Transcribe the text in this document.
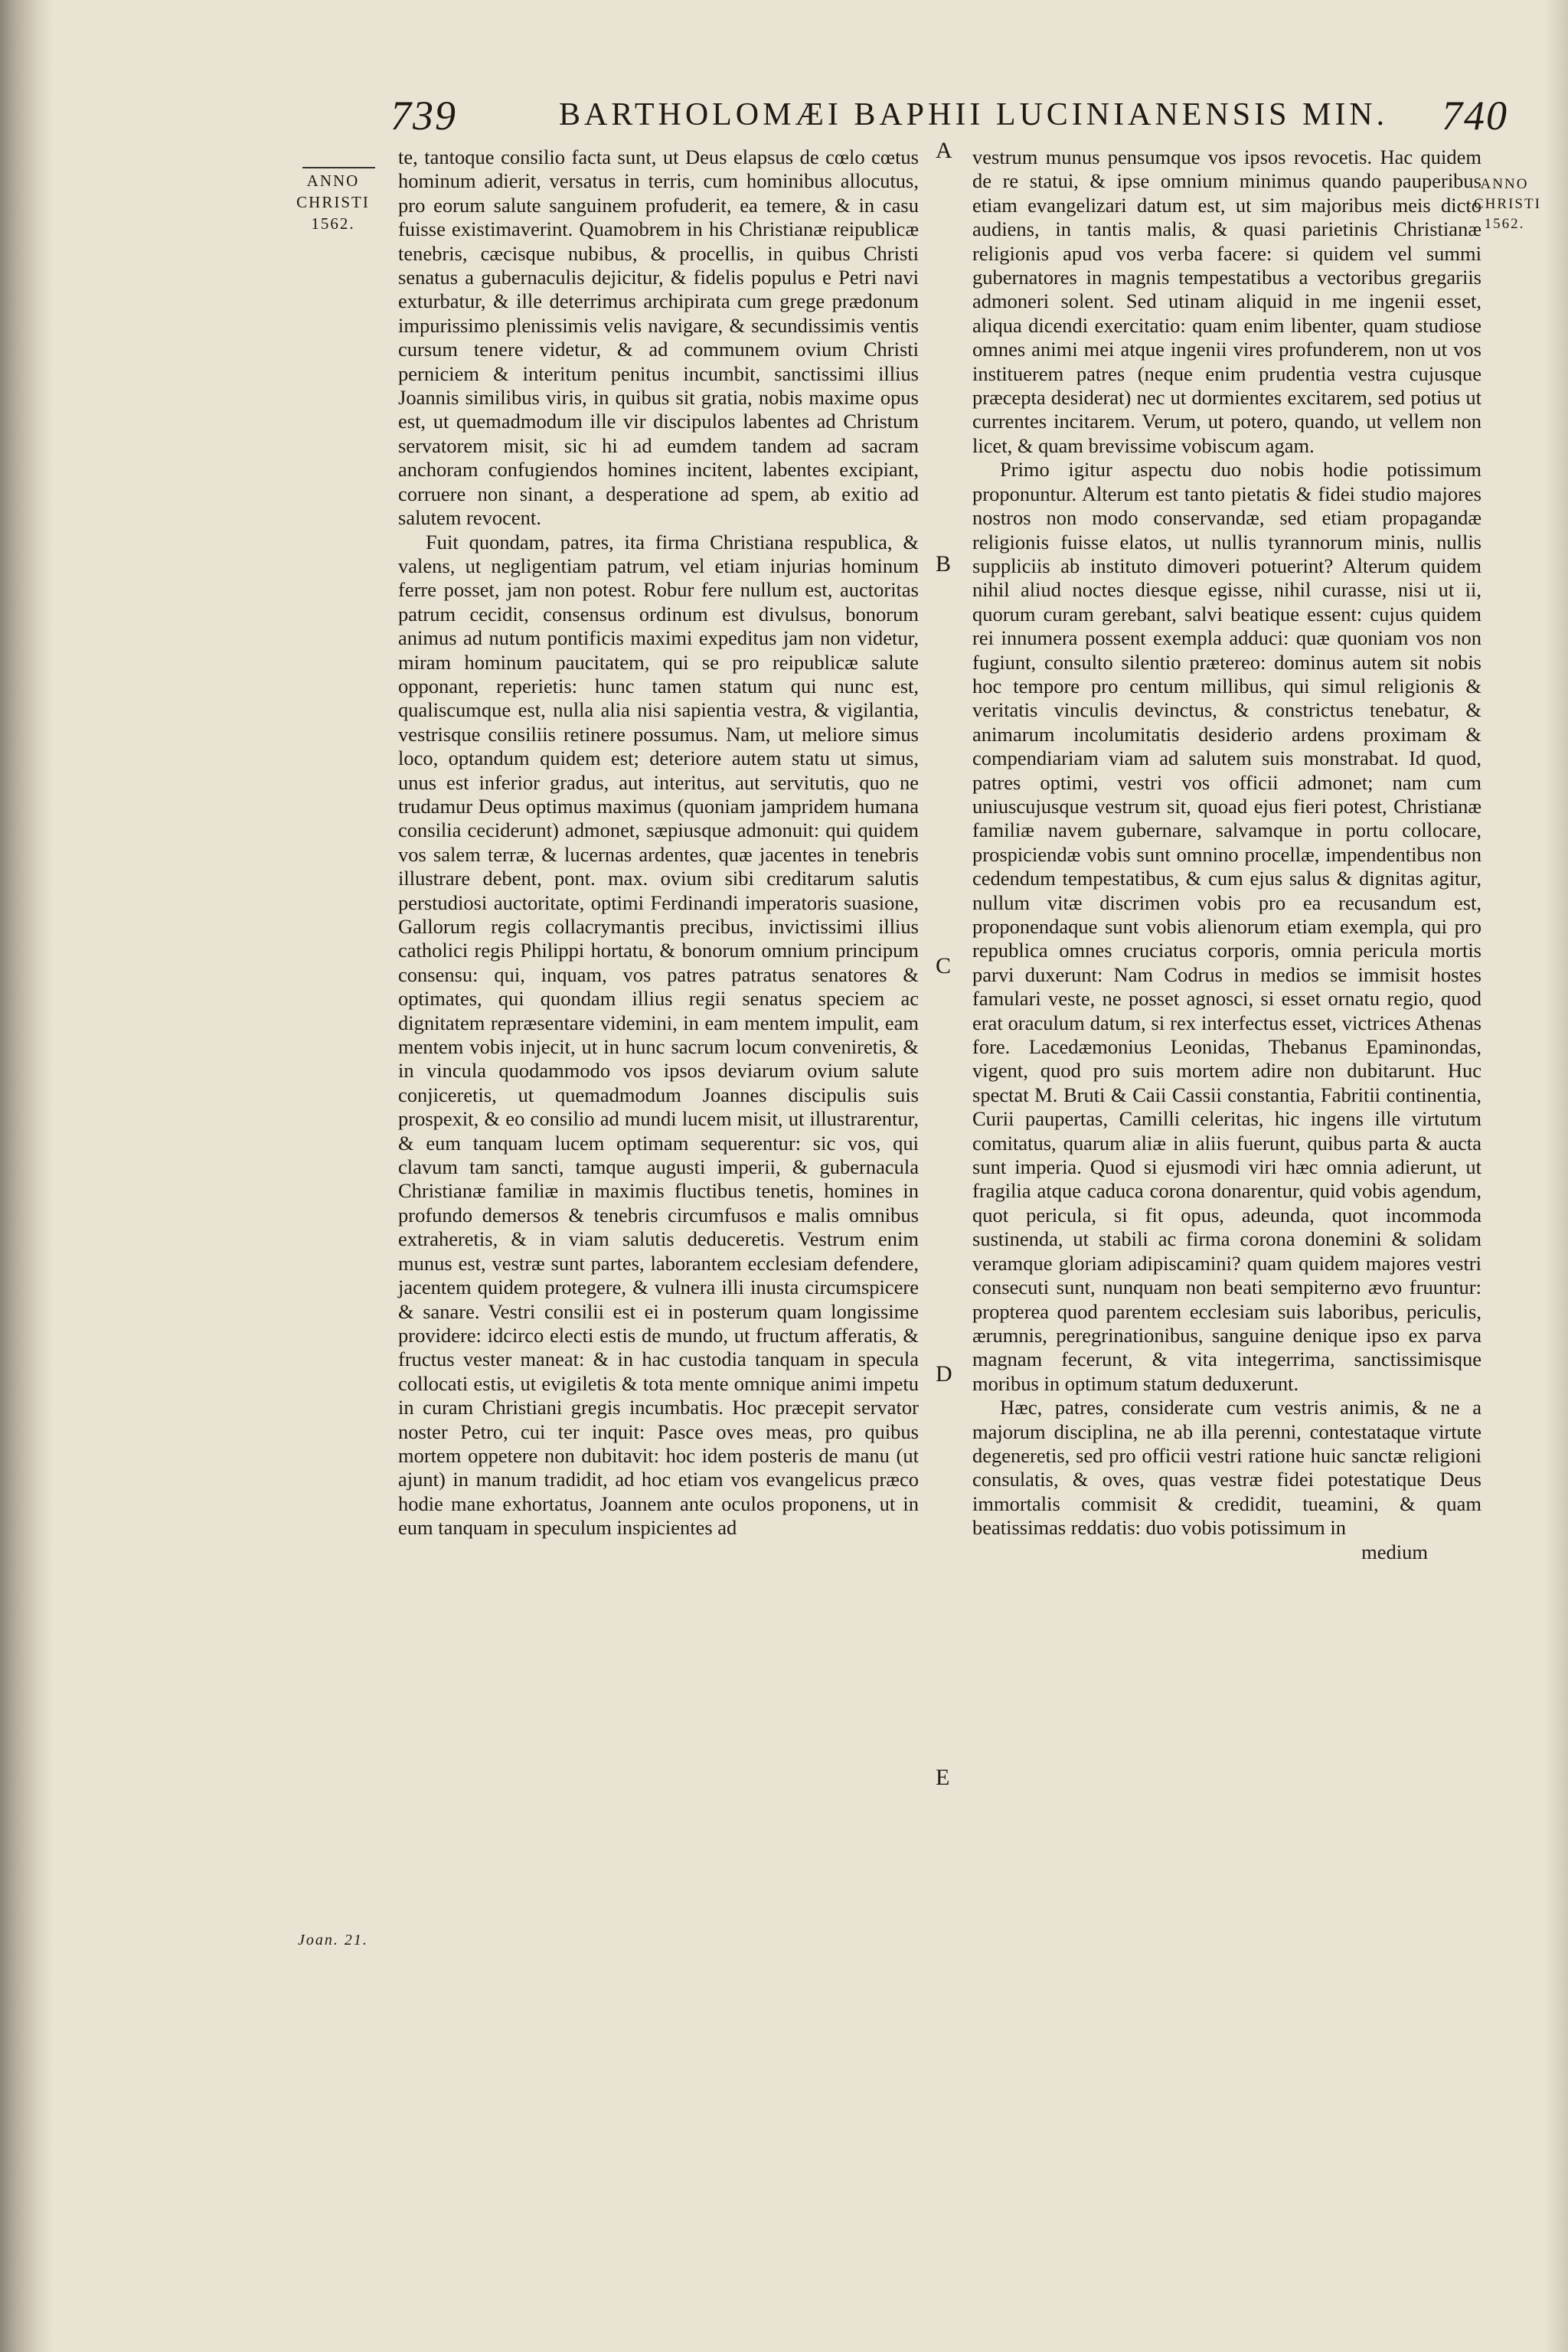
739	BARTHOLOMÆI BAPHII LUCINIANENSIS MIN. 740
ANNO CHRISTI 1562.
ANNO CHRISTI 1562.
Joan. 21.
A
B
C
D
E

te, tantoque consilio facta sunt, ut Deus elapsus de cœlo cœtus hominum adierit, versatus in terris, cum hominibus allocutus, pro eorum salute sanguinem profuderit, ea temere, & in casu fuisse existimaverint. Quamobrem in his Christianæ reipublicæ tenebris, cæcisque nubibus, & procellis, in quibus Christi senatus a gubernaculis dejicitur, & fidelis populus e Petri navi exturbatur, & ille deterrimus archipirata cum grege prædonum impurissimo plenissimis velis navigare, & secundissimis ventis cursum tenere videtur, & ad communem ovium Christi perniciem & interitum penitus incumbit, sanctissimi illius Joannis similibus viris, in quibus sit gratia, nobis maxime opus est, ut quemadmodum ille vir discipulos labentes ad Christum servatorem misit, sic hi ad eumdem tandem ad sacram anchoram confugiendos homines incitent, labentes excipiant, corruere non sinant, a desperatione ad spem, ab exitio ad salutem revocent.

Fuit quondam, patres, ita firma Christiana respublica, & valens, ut negligentiam patrum, vel etiam injurias hominum ferre posset, jam non potest. Robur fere nullum est, auctoritas patrum cecidit, consensus ordinum est divulsus, bonorum animus ad nutum pontificis maximi expeditus jam non videtur, miram hominum paucitatem, qui se pro reipublicæ salute opponant, reperietis: hunc tamen statum qui nunc est, qualiscumque est, nulla alia nisi sapientia vestra, & vigilantia, vestrisque consiliis retinere possumus. Nam, ut meliore simus loco, optandum quidem est; deteriore autem statu ut simus, unus est inferior gradus, aut interitus, aut servitutis, quo ne trudamur Deus optimus maximus (quoniam jampridem humana consilia ceciderunt) admonet, sæpiusque admonuit: qui quidem vos salem terræ, & lucernas ardentes, quæ jacentes in tenebris illustrare debent, pont. max. ovium sibi creditarum salutis perstudiosi auctoritate, optimi Ferdinandi imperatoris suasione, Gallorum regis collacrymantis precibus, invictissimi illius catholici regis Philippi hortatu, & bonorum omnium principum consensu: qui, inquam, vos patres patratus senatores & optimates, qui quondam illius regii senatus speciem ac dignitatem repræsentare videmini, in eam mentem impulit, eam mentem vobis injecit, ut in hunc sacrum locum conveniretis, & in vincula quodammodo vos ipsos deviarum ovium salute conjiceretis, ut quemadmodum Joannes discipulis suis prospexit, & eo consilio ad mundi lucem misit, ut illustrarentur, & eum tanquam lucem optimam sequerentur: sic vos, qui clavum tam sancti, tamque augusti imperii, & gubernacula Christianæ familiæ in maximis fluctibus tenetis, homines in profundo demersos & tenebris circumfusos e malis omnibus extraheretis, & in viam salutis deduceretis. Vestrum enim munus est, vestræ sunt partes, laborantem ecclesiam defendere, jacentem quidem protegere, & vulnera illi inusta circumspicere & sanare. Vestri consilii est ei in posterum quam longissime providere: idcirco electi estis de mundo, ut fructum afferatis, & fructus vester maneat: & in hac custodia tanquam in specula collocati estis, ut evigiletis & tota mente omnique animi impetu in curam Christiani gregis incumbatis. Hoc præcepit servator noster Petro, cui ter inquit: Pasce oves meas, pro quibus mortem oppetere non dubitavit: hoc idem posteris de manu (ut ajunt) in manum tradidit, ad hoc etiam vos evangelicus præco hodie mane exhortatus, Joannem ante oculos proponens, ut in eum tanquam in speculum inspicientes ad

vestrum munus pensumque vos ipsos revocetis. Hac quidem de re statui, & ipse omnium minimus quando pauperibus etiam evangelizari datum est, ut sim majoribus meis dicto audiens, in tantis malis, & quasi parietinis Christianæ religionis apud vos verba facere: si quidem vel summi gubernatores in magnis tempestatibus a vectoribus gregariis admoneri solent. Sed utinam aliquid in me ingenii esset, aliqua dicendi exercitatio: quam enim libenter, quam studiose omnes animi mei atque ingenii vires profunderem, non ut vos instituerem patres (neque enim prudentia vestra cujusque præcepta desiderat) nec ut dormientes excitarem, sed potius ut currentes incitarem. Verum, ut potero, quando, ut vellem non licet, & quam brevissime vobiscum agam.

Primo igitur aspectu duo nobis hodie potissimum proponuntur. Alterum est tanto pietatis & fidei studio majores nostros non modo conservandæ, sed etiam propagandæ religionis fuisse elatos, ut nullis tyrannorum minis, nullis suppliciis ab instituto dimoveri potuerint? Alterum quidem nihil aliud noctes diesque egisse, nihil curasse, nisi ut ii, quorum curam gerebant, salvi beatique essent: cujus quidem rei innumera possent exempla adduci: quæ quoniam vos non fugiunt, consulto silentio prætereo: dominus autem sit nobis hoc tempore pro centum millibus, qui simul religionis & veritatis vinculis devinctus, & constrictus tenebatur, & animarum incolumitatis desiderio ardens proximam & compendiariam viam ad salutem suis monstrabat. Id quod, patres optimi, vestri vos officii admonet; nam cum uniuscujusque vestrum sit, quoad ejus fieri potest, Christianæ familiæ navem gubernare, salvamque in portu collocare, prospiciendæ vobis sunt omnino procellæ, impendentibus non cedendum tempestatibus, & cum ejus salus & dignitas agitur, nullum vitæ discrimen vobis pro ea recusandum est, proponendaque sunt vobis alienorum etiam exempla, qui pro republica omnes cruciatus corporis, omnia pericula mortis parvi duxerunt: Nam Codrus in medios se immisit hostes famulari veste, ne posset agnosci, si esset ornatu regio, quod erat oraculum datum, si rex interfectus esset, victrices Athenas fore. Lacedæmonius Leonidas, Thebanus Epaminondas, vigent, quod pro suis mortem adire non dubitarunt. Huc spectat M. Bruti & Caii Cassii constantia, Fabritii continentia, Curii paupertas, Camilli celeritas, hic ingens ille virtutum comitatus, quarum aliæ in aliis fuerunt, quibus parta & aucta sunt imperia. Quod si ejusmodi viri hæc omnia adierunt, ut fragilia atque caduca corona donarentur, quid vobis agendum, quot pericula, si fit opus, adeunda, quot incommoda sustinenda, ut stabili ac firma corona donemini & solidam veramque gloriam adipiscamini? quam quidem majores vestri consecuti sunt, nunquam non beati sempiterno ævo fruuntur: propterea quod parentem ecclesiam suis laboribus, periculis, ærumnis, peregrinationibus, sanguine denique ipso ex parva magnam fecerunt, & vita integerrima, sanctissimisque moribus in optimum statum deduxerunt.

Hæc, patres, considerate cum vestris animis, & ne a majorum disciplina, ne ab illa perenni, contestataque virtute degeneretis, sed pro officii vestri ratione huic sanctæ religioni consulatis, & oves, quas vestræ fidei potestatique Deus immortalis commisit & credidit, tueamini, & quam beatissimas reddatis: duo vobis potissimum in

medium
